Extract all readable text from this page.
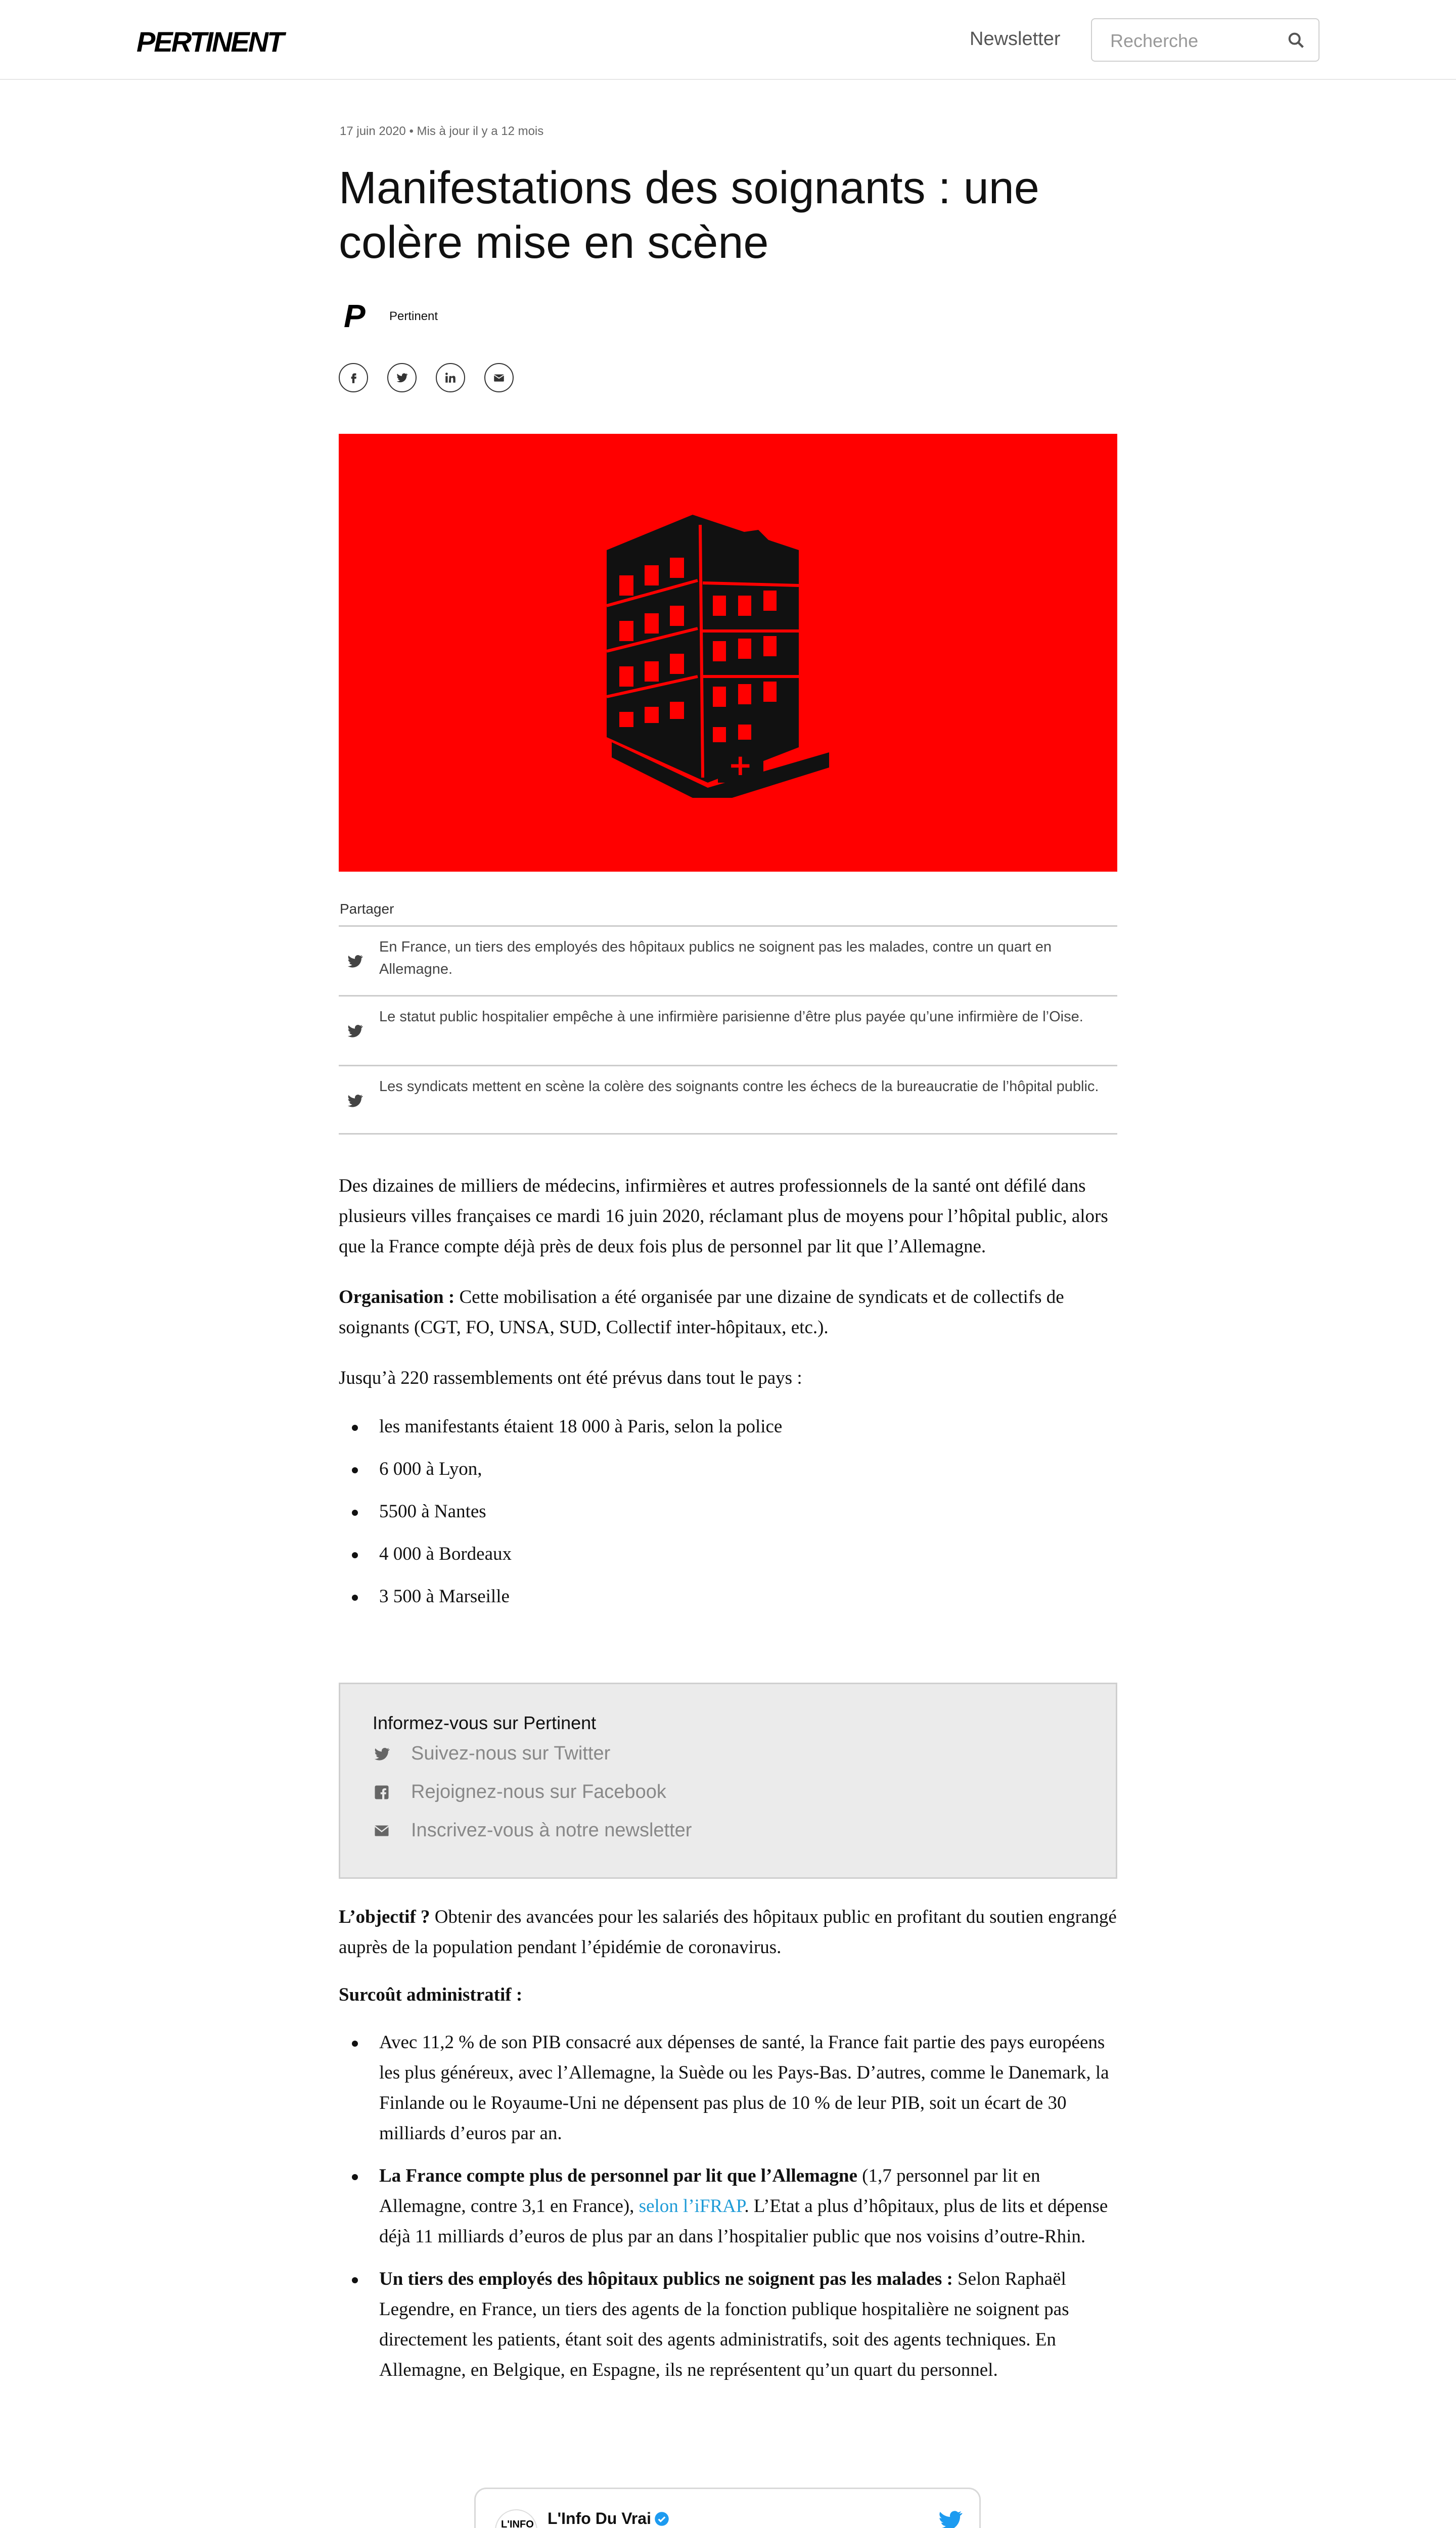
PERTINENT	Newsletter	Recherche
17 juin 2020 • Mis à jour il y a 12 mois
Manifestations des soignants : une colère mise en scène
P	Pertinent
+
Partager
En France, un tiers des employés des hôpitaux publics ne soignent pas les malades, contre un quart en Allemagne.
Le statut public hospitalier empêche à une infirmière parisienne d’être plus payée qu’une infirmière de l’Oise.
Les syndicats mettent en scène la colère des soignants contre les échecs de la bureaucratie de l’hôpital public.

Des dizaines de milliers de médecins, infirmières et autres professionnels de la santé ont défilé dans plusieurs villes françaises ce mardi 16 juin 2020, réclamant plus de moyens pour l’hôpital public, alors que la France compte déjà près de deux fois plus de personnel par lit que l’Allemagne.

Organisation : Cette mobilisation a été organisée par une dizaine de syndicats et de collectifs de soignants (CGT, FO, UNSA, SUD, Collectif inter-hôpitaux, etc.).

Jusqu’à 220 rassemblements ont été prévus dans tout le pays :

les manifestants étaient 18 000 à Paris, selon la police
6 000 à Lyon,
5500 à Nantes
4 000 à Bordeaux
3 500 à Marseille
Informez-vous sur Pertinent
Suivez-nous sur Twitter
Rejoignez-nous sur Facebook
Inscrivez-vous à notre newsletter

L’objectif ? Obtenir des avancées pour les salariés des hôpitaux public en profitant du soutien engrangé auprès de la population pendant l’épidémie de coronavirus.

Surcoût administratif :

Avec 11,2 % de son PIB consacré aux dépenses de santé, la France fait partie des pays européens les plus généreux, avec l’Allemagne, la Suède ou les Pays-Bas. D’autres, comme le Danemark, la Finlande ou le Royaume-Uni ne dépensent pas plus de 10 % de leur PIB, soit un écart de 30 milliards d’euros par an.
La France compte plus de personnel par lit que l’Allemagne (1,7 personnel par lit en Allemagne, contre 3,1 en France), selon l’iFRAP. L’Etat a plus d’hôpitaux, plus de lits et dépense déjà 11 milliards d’euros de plus par an dans l’hospitalier public que nos voisins d’outre-Rhin.
Un tiers des employés des hôpitaux publics ne soignent pas les malades : Selon Raphaël Legendre, en France, un tiers des agents de la fonction publique hospitalière ne soignent pas directement les patients, étant soit des agents administratifs, soit des agents techniques. En Allemagne, en Belgique, en Espagne, ils ne représentent qu’un quart du personnel.
L'INFO L'Info Du Vrai
